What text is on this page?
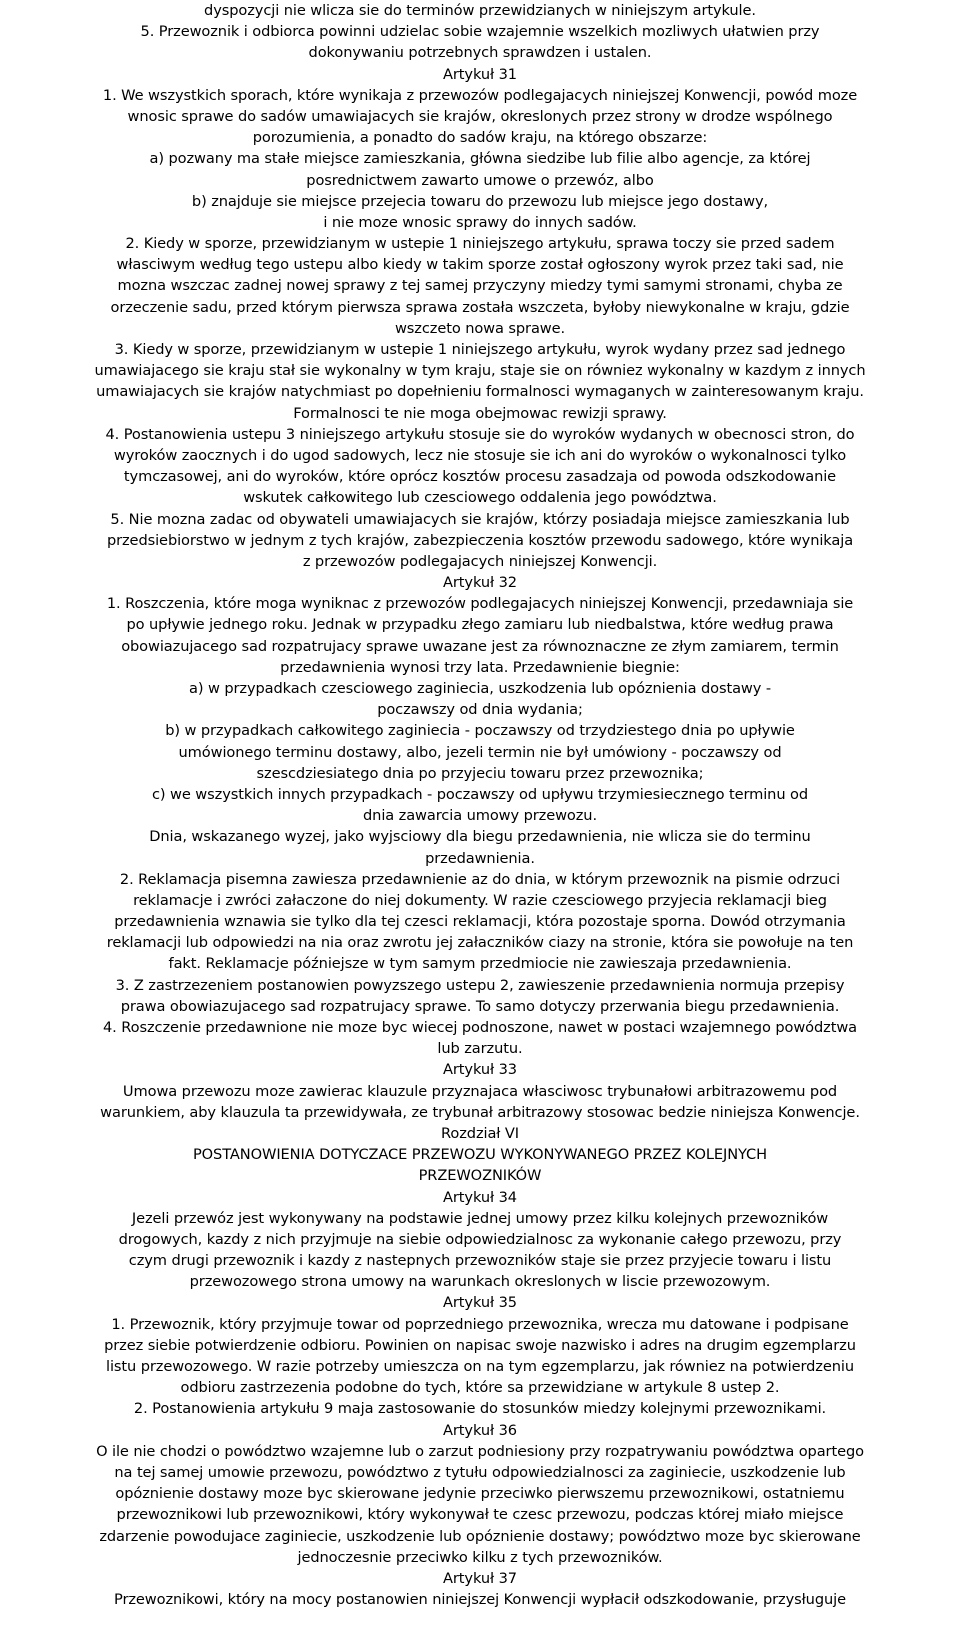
dyspozycji nie wlicza sie do terminów przewidzianych w niniejszym artykule.
5. Przewoznik i odbiorca powinni udzielac sobie wzajemnie wszelkich mozliwych ułatwien przy
dokonywaniu potrzebnych sprawdzen i ustalen.
Artykuł 31
1. We wszystkich sporach, które wynikaja z przewozów podlegajacych niniejszej Konwencji, powód moze
wnosic sprawe do sadów umawiajacych sie krajów, okreslonych przez strony w drodze wspólnego
porozumienia, a ponadto do sadów kraju, na którego obszarze:
a) pozwany ma stałe miejsce zamieszkania, główna siedzibe lub filie albo agencje, za której
posrednictwem zawarto umowe o przewóz, albo
b) znajduje sie miejsce przejecia towaru do przewozu lub miejsce jego dostawy,
i nie moze wnosic sprawy do innych sadów.
2. Kiedy w sporze, przewidzianym w ustepie 1 niniejszego artykułu, sprawa toczy sie przed sadem
własciwym według tego ustepu albo kiedy w takim sporze został ogłoszony wyrok przez taki sad, nie
mozna wszczac zadnej nowej sprawy z tej samej przyczyny miedzy tymi samymi stronami, chyba ze
orzeczenie sadu, przed którym pierwsza sprawa została wszczeta, byłoby niewykonalne w kraju, gdzie
wszczeto nowa sprawe.
3. Kiedy w sporze, przewidzianym w ustepie 1 niniejszego artykułu, wyrok wydany przez sad jednego
umawiajacego sie kraju stał sie wykonalny w tym kraju, staje sie on równiez wykonalny w kazdym z innych
umawiajacych sie krajów natychmiast po dopełnieniu formalnosci wymaganych w zainteresowanym kraju.
Formalnosci te nie moga obejmowac rewizji sprawy.
4. Postanowienia ustepu 3 niniejszego artykułu stosuje sie do wyroków wydanych w obecnosci stron, do
wyroków zaocznych i do ugod sadowych, lecz nie stosuje sie ich ani do wyroków o wykonalnosci tylko
tymczasowej, ani do wyroków, które oprócz kosztów procesu zasadzaja od powoda odszkodowanie
wskutek całkowitego lub czesciowego oddalenia jego powództwa.
5. Nie mozna zadac od obywateli umawiajacych sie krajów, którzy posiadaja miejsce zamieszkania lub
przedsiebiorstwo w jednym z tych krajów, zabezpieczenia kosztów przewodu sadowego, które wynikaja
z przewozów podlegajacych niniejszej Konwencji.
Artykuł 32
1. Roszczenia, które moga wyniknac z przewozów podlegajacych niniejszej Konwencji, przedawniaja sie
po upływie jednego roku. Jednak w przypadku złego zamiaru lub niedbalstwa, które według prawa
obowiazujacego sad rozpatrujacy sprawe uwazane jest za równoznaczne ze złym zamiarem, termin
przedawnienia wynosi trzy lata. Przedawnienie biegnie:
a) w przypadkach czesciowego zaginiecia, uszkodzenia lub opóznienia dostawy -
poczawszy od dnia wydania;
b) w przypadkach całkowitego zaginiecia - poczawszy od trzydziestego dnia po upływie
umówionego terminu dostawy, albo, jezeli termin nie był umówiony - poczawszy od
szescdziesiatego dnia po przyjeciu towaru przez przewoznika;
c) we wszystkich innych przypadkach - poczawszy od upływu trzymiesiecznego terminu od
dnia zawarcia umowy przewozu.
Dnia, wskazanego wyzej, jako wyjsciowy dla biegu przedawnienia, nie wlicza sie do terminu
przedawnienia.
2. Reklamacja pisemna zawiesza przedawnienie az do dnia, w którym przewoznik na pismie odrzuci
reklamacje i zwróci załaczone do niej dokumenty. W razie czesciowego przyjecia reklamacji bieg
przedawnienia wznawia sie tylko dla tej czesci reklamacji, która pozostaje sporna. Dowód otrzymania
reklamacji lub odpowiedzi na nia oraz zwrotu jej załaczników ciazy na stronie, która sie powołuje na ten
fakt. Reklamacje późniejsze w tym samym przedmiocie nie zawieszaja przedawnienia.
3. Z zastrzezeniem postanowien powyzszego ustepu 2, zawieszenie przedawnienia normuja przepisy
prawa obowiazujacego sad rozpatrujacy sprawe. To samo dotyczy przerwania biegu przedawnienia.
4. Roszczenie przedawnione nie moze byc wiecej podnoszone, nawet w postaci wzajemnego powództwa
lub zarzutu.
Artykuł 33
Umowa przewozu moze zawierac klauzule przyznajaca własciwosc trybunałowi arbitrazowemu pod
warunkiem, aby klauzula ta przewidywała, ze trybunał arbitrazowy stosowac bedzie niniejsza Konwencje.
Rozdział VI
POSTANOWIENIA DOTYCZACE PRZEWOZU WYKONYWANEGO PRZEZ KOLEJNYCH
PRZEWOZNIKÓW
Artykuł 34
Jezeli przewóz jest wykonywany na podstawie jednej umowy przez kilku kolejnych przewozników
drogowych, kazdy z nich przyjmuje na siebie odpowiedzialnosc za wykonanie całego przewozu, przy
czym drugi przewoznik i kazdy z nastepnych przewozników staje sie przez przyjecie towaru i listu
przewozowego strona umowy na warunkach okreslonych w liscie przewozowym.
Artykuł 35
1. Przewoznik, który przyjmuje towar od poprzedniego przewoznika, wrecza mu datowane i podpisane
przez siebie potwierdzenie odbioru. Powinien on napisac swoje nazwisko i adres na drugim egzemplarzu
listu przewozowego. W razie potrzeby umieszcza on na tym egzemplarzu, jak równiez na potwierdzeniu
odbioru zastrzezenia podobne do tych, które sa przewidziane w artykule 8 ustep 2.
2. Postanowienia artykułu 9 maja zastosowanie do stosunków miedzy kolejnymi przewoznikami.
Artykuł 36
O ile nie chodzi o powództwo wzajemne lub o zarzut podniesiony przy rozpatrywaniu powództwa opartego
na tej samej umowie przewozu, powództwo z tytułu odpowiedzialnosci za zaginiecie, uszkodzenie lub
opóznienie dostawy moze byc skierowane jedynie przeciwko pierwszemu przewoznikowi, ostatniemu
przewoznikowi lub przewoznikowi, który wykonywał te czesc przewozu, podczas której miało miejsce
zdarzenie powodujace zaginiecie, uszkodzenie lub opóznienie dostawy; powództwo moze byc skierowane
jednoczesnie przeciwko kilku z tych przewozników.
Artykuł 37
Przewoznikowi, który na mocy postanowien niniejszej Konwencji wypłacił odszkodowanie, przysługuje
